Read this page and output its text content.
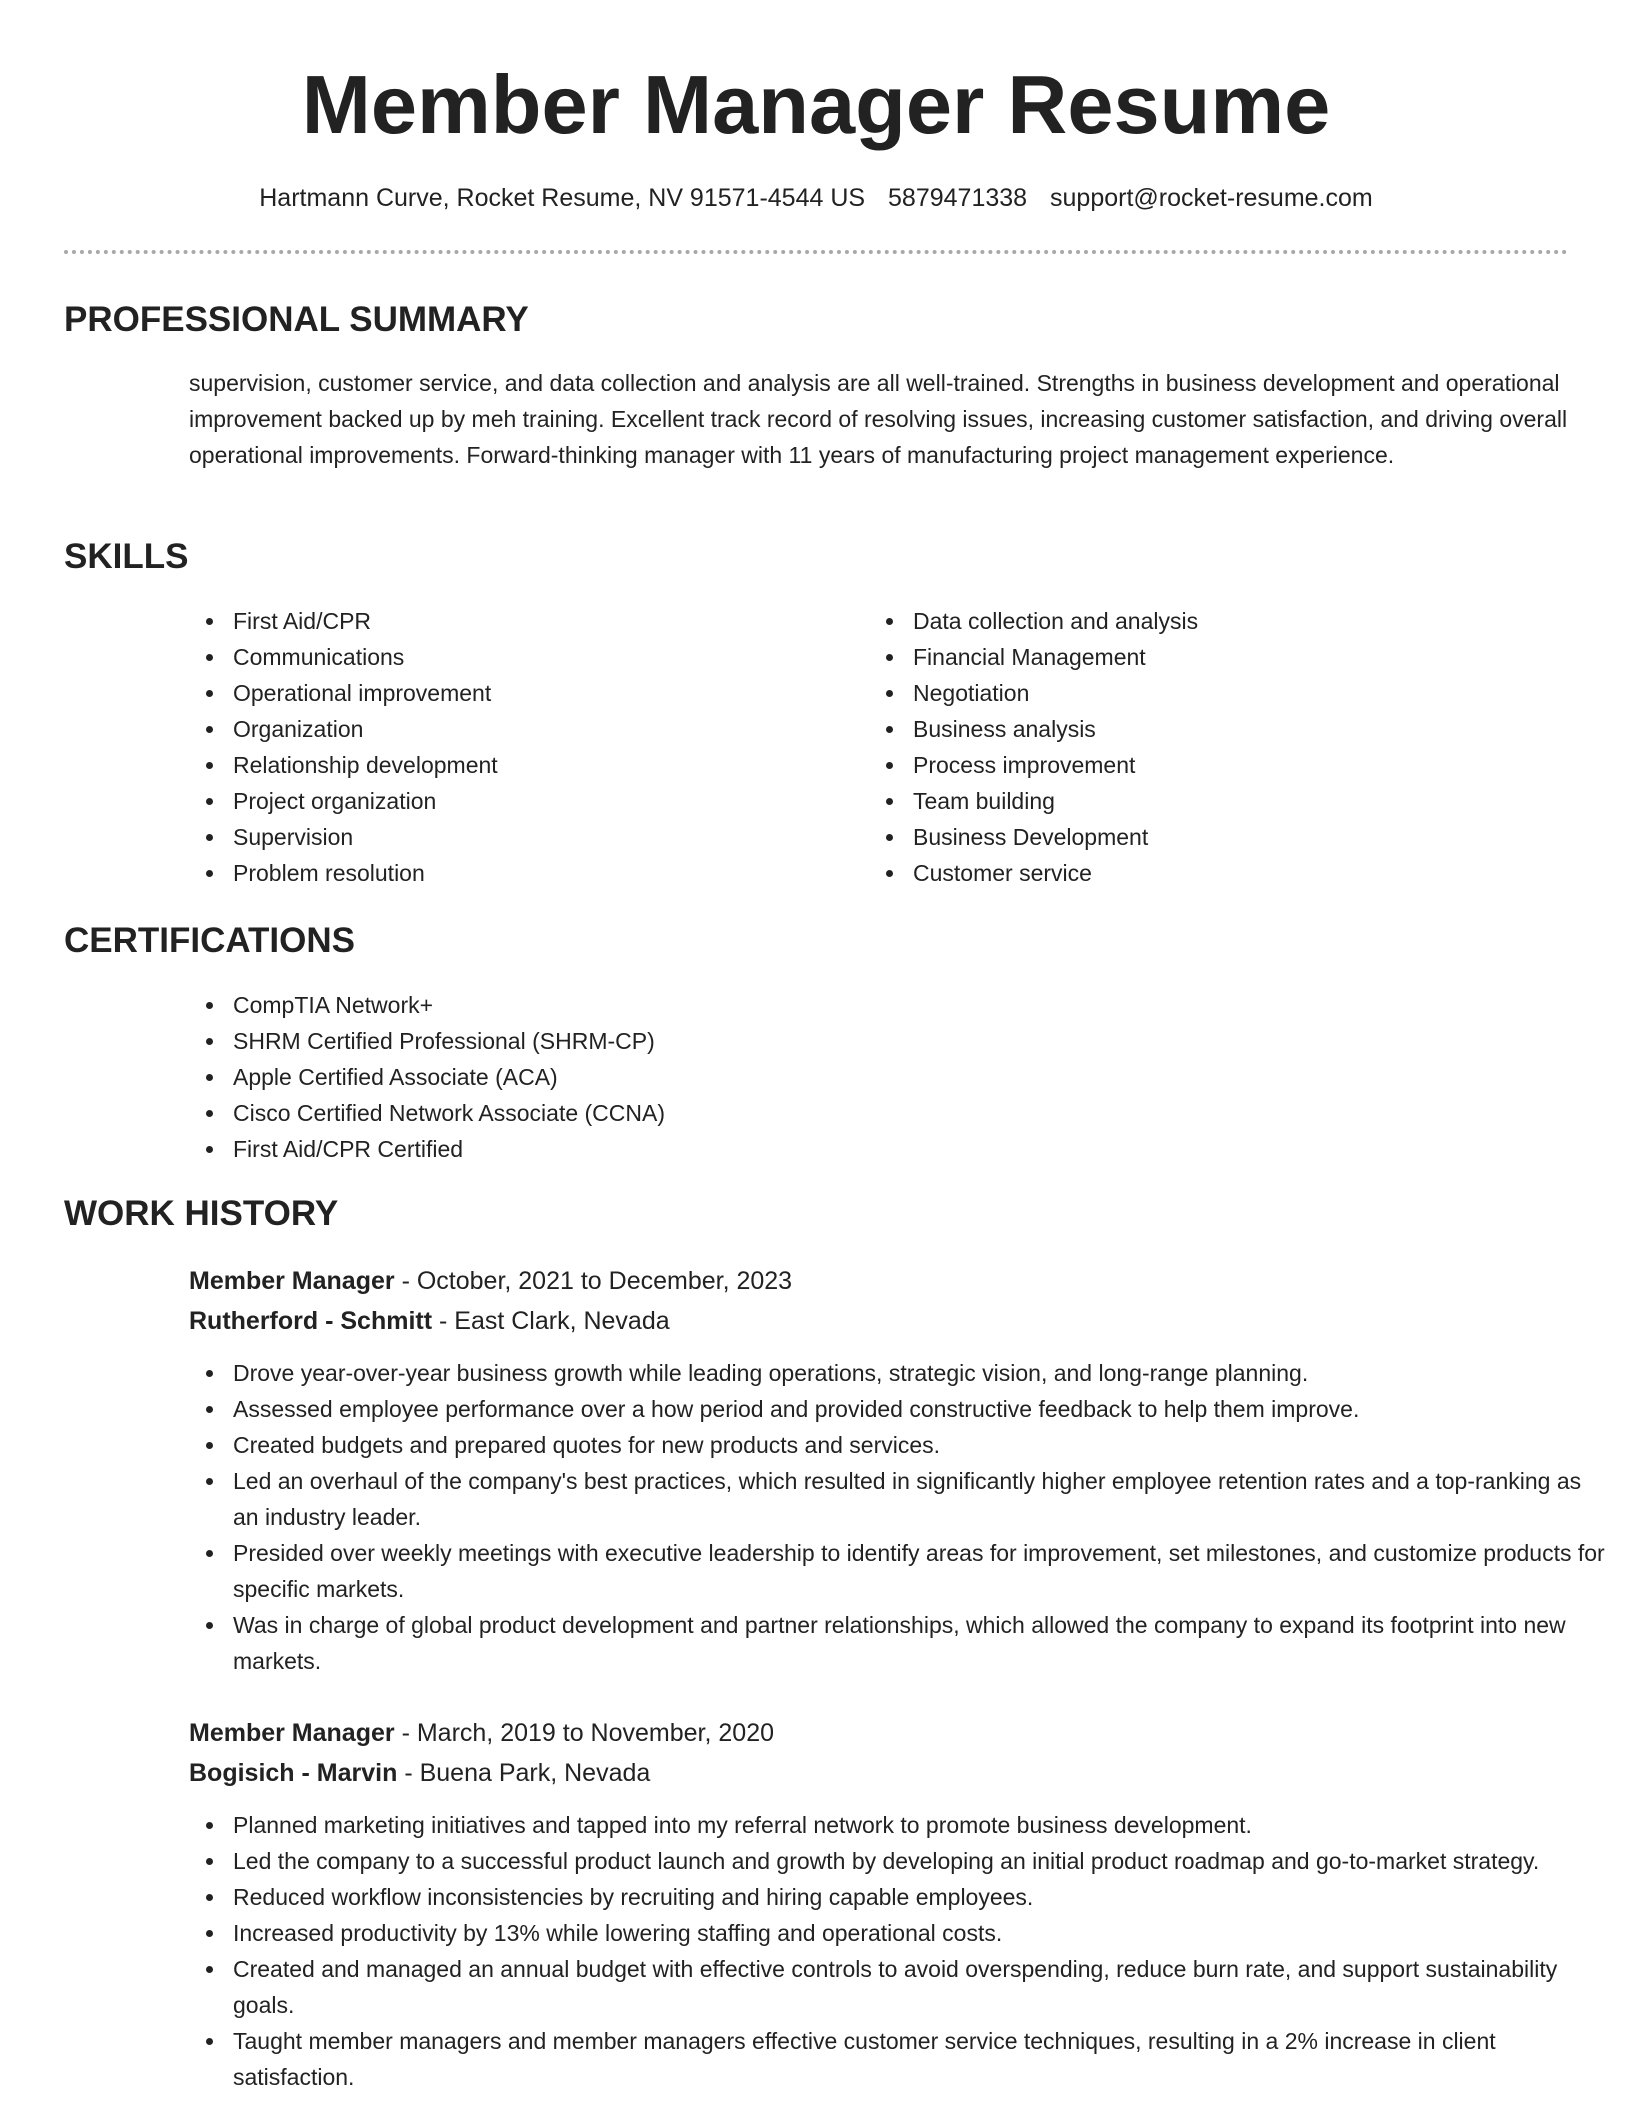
Member Manager Resume
Hartmann Curve, Rocket Resume, NV 91571-4544 US 5879471338 support@rocket-resume.com
PROFESSIONAL SUMMARY

supervision, customer service, and data collection and analysis are all well-trained. Strengths in business development and operational improvement backed up by meh training. Excellent track record of resolving issues, increasing customer satisfaction, and driving overall operational improvements. Forward-thinking manager with 11 years of manufacturing project management experience.

SKILLS
First Aid/CPR
Communications
Operational improvement
Organization
Relationship development
Project organization
Supervision
Problem resolution
Data collection and analysis
Financial Management
Negotiation
Business analysis
Process improvement
Team building
Business Development
Customer service
CERTIFICATIONS
CompTIA Network+
SHRM Certified Professional (SHRM-CP)
Apple Certified Associate (ACA)
Cisco Certified Network Associate (CCNA)
First Aid/CPR Certified
WORK HISTORY
Member Manager - October, 2021 to December, 2023
Rutherford - Schmitt - East Clark, Nevada
Drove year-over-year business growth while leading operations, strategic vision, and long-range planning.
Assessed employee performance over a how period and provided constructive feedback to help them improve.
Created budgets and prepared quotes for new products and services.
Led an overhaul of the company's best practices, which resulted in significantly higher employee retention rates and a top-ranking as an industry leader.
Presided over weekly meetings with executive leadership to identify areas for improvement, set milestones, and customize products for specific markets.
Was in charge of global product development and partner relationships, which allowed the company to expand its footprint into new markets.
Member Manager - March, 2019 to November, 2020
Bogisich - Marvin - Buena Park, Nevada
Planned marketing initiatives and tapped into my referral network to promote business development.
Led the company to a successful product launch and growth by developing an initial product roadmap and go-to-market strategy.
Reduced workflow inconsistencies by recruiting and hiring capable employees.
Increased productivity by 13% while lowering staffing and operational costs.
Created and managed an annual budget with effective controls to avoid overspending, reduce burn rate, and support sustainability goals.
Taught member managers and member managers effective customer service techniques, resulting in a 2% increase in client satisfaction.
